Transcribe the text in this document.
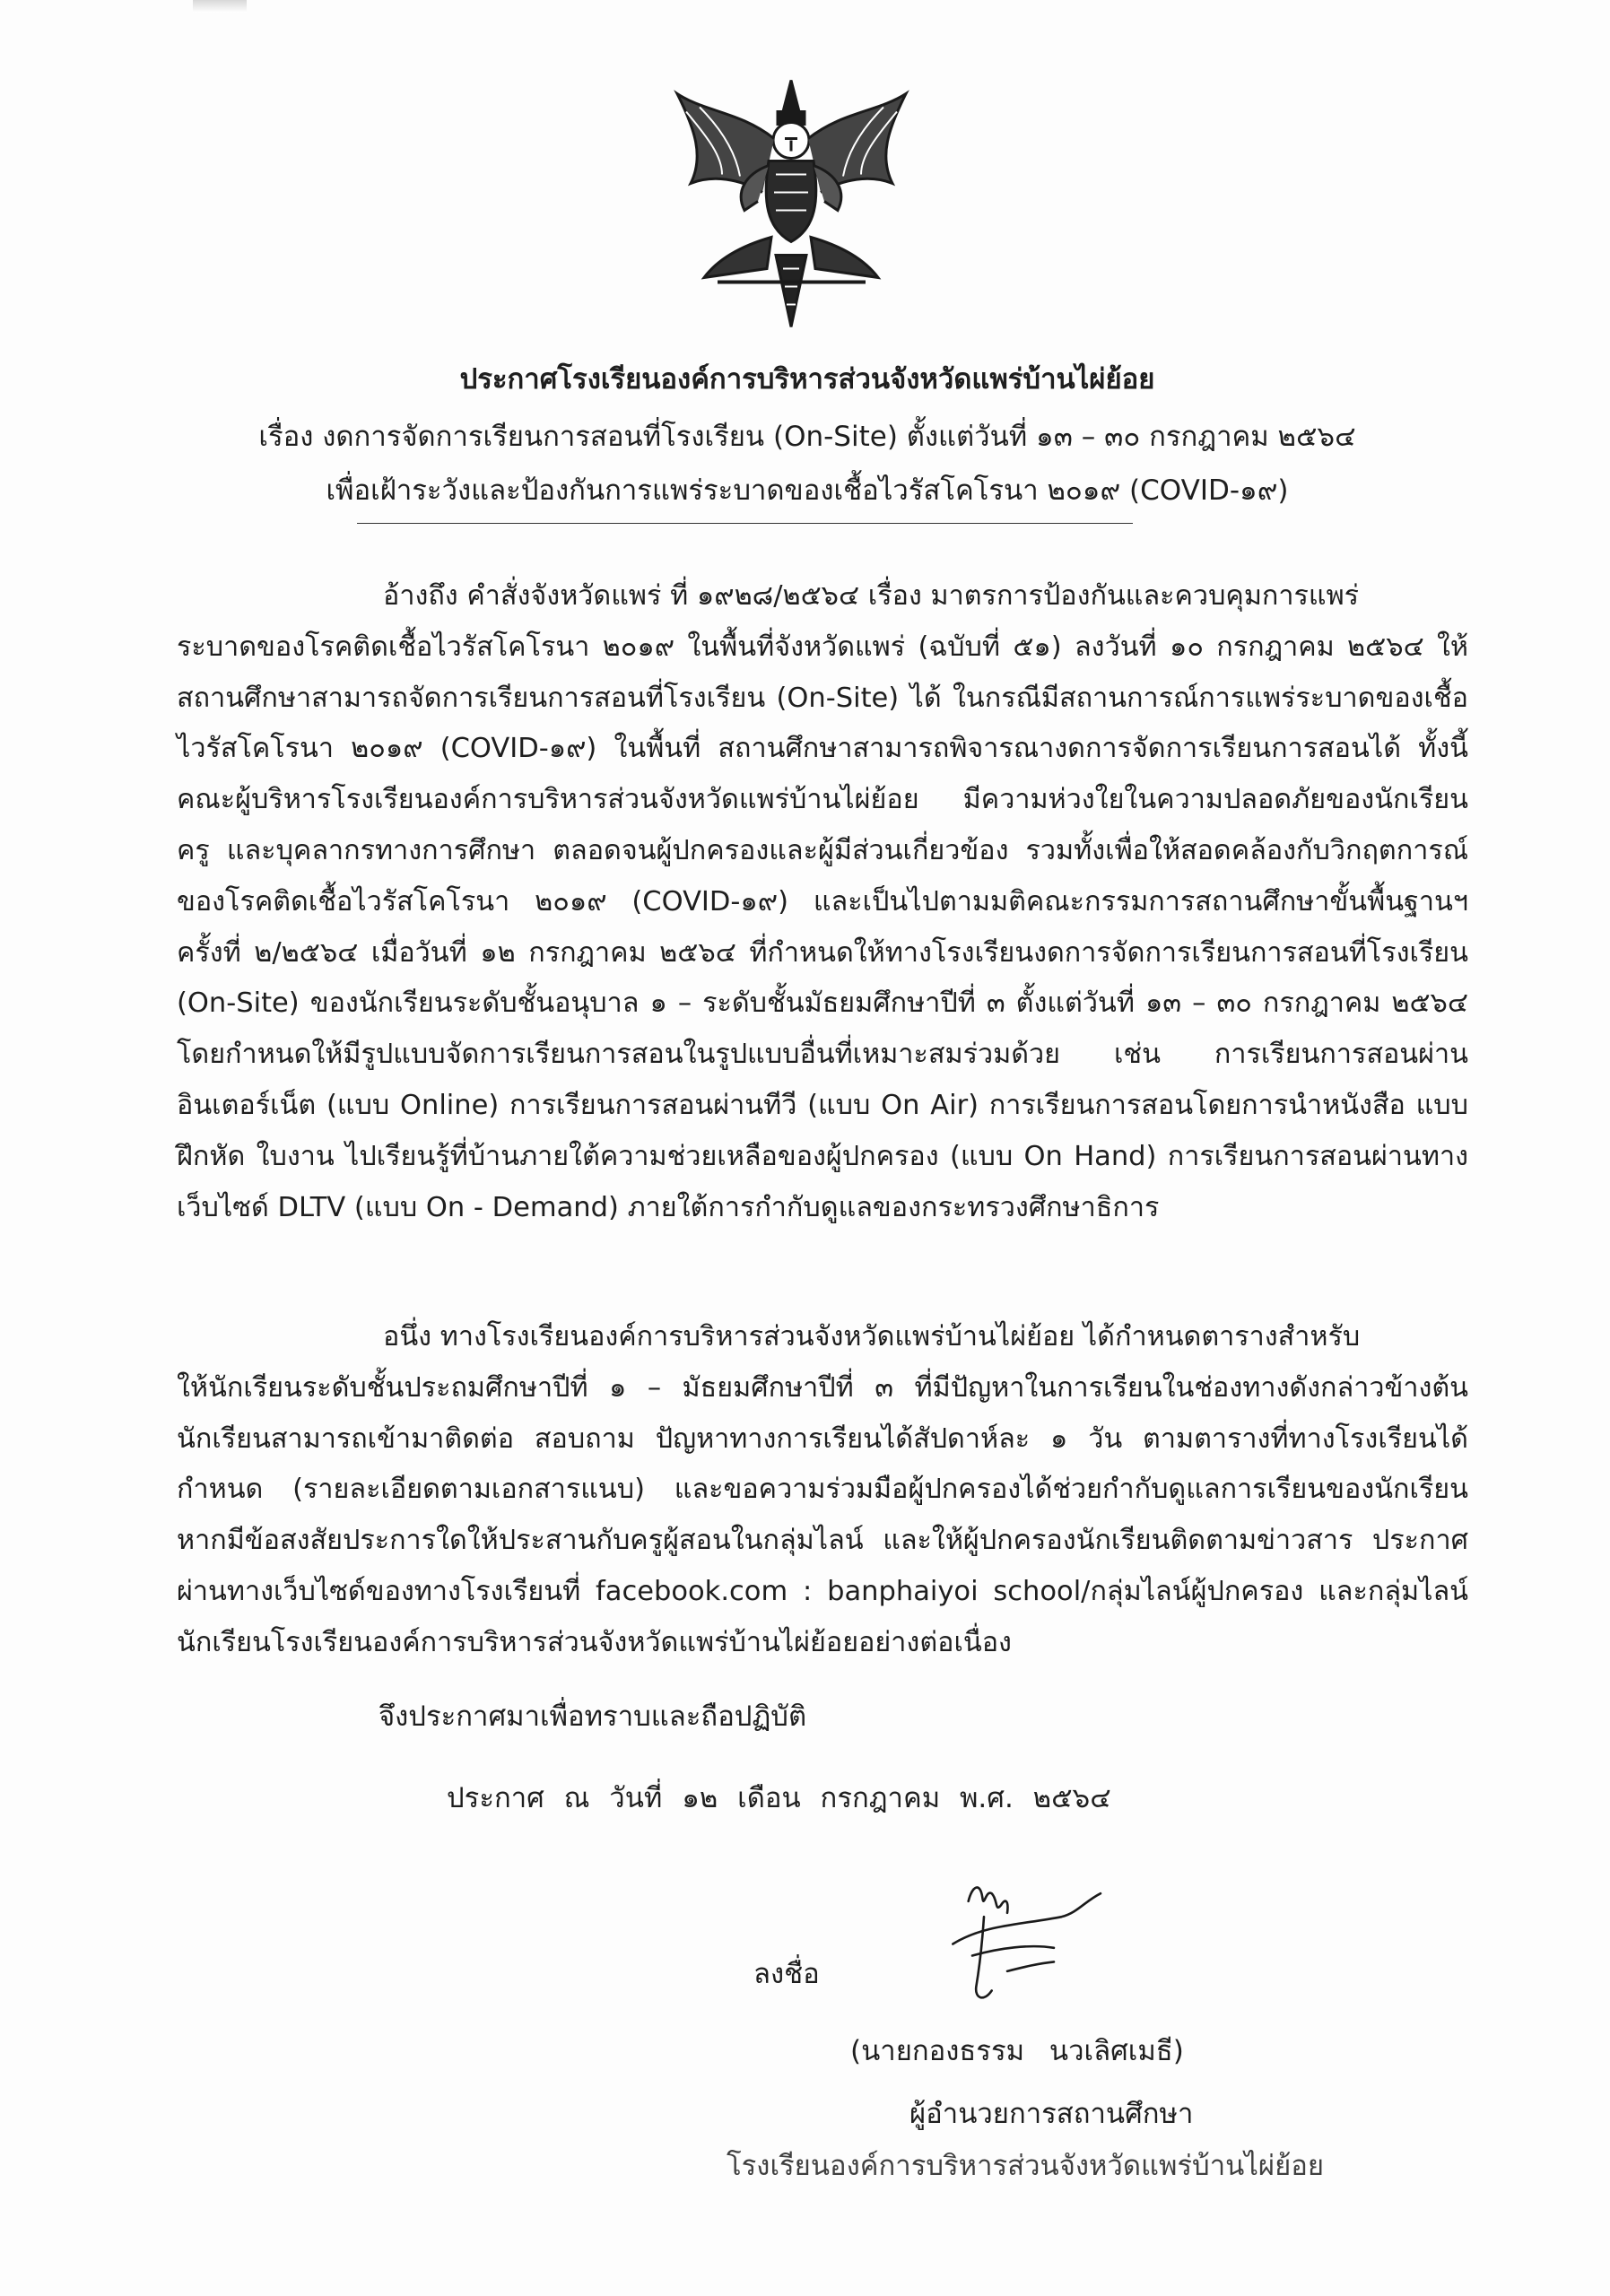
ประกาศโรงเรียนองค์การบริหารส่วนจังหวัดแพร่บ้านไผ่ย้อย
เรื่อง งดการจัดการเรียนการสอนที่โรงเรียน (On-Site) ตั้งแต่วันที่ ๑๓ – ๓๐ กรกฎาคม ๒๕๖๔
เพื่อเฝ้าระวังและป้องกันการแพร่ระบาดของเชื้อไวรัสโคโรนา ๒๐๑๙ (COVID-๑๙)
อ้างถึง คำสั่งจังหวัดแพร่ ที่ ๑๙๒๘/๒๕๖๔ เรื่อง มาตรการป้องกันและควบคุมการแพร่
ระบาดของโรคติดเชื้อไวรัสโคโรนา ๒๐๑๙ ในพื้นที่จังหวัดแพร่ (ฉบับที่ ๕๑) ลงวันที่ ๑๐ กรกฎาคม ๒๕๖๔ ให้สถานศึกษาสามารถจัดการเรียนการสอนที่โรงเรียน (On-Site) ได้ ในกรณีมีสถานการณ์การแพร่ระบาดของเชื้อไวรัสโคโรนา ๒๐๑๙ (COVID-๑๙) ในพื้นที่ สถานศึกษาสามารถพิจารณางดการจัดการเรียนการสอนได้ ทั้งนี้ คณะผู้บริหารโรงเรียนองค์การบริหารส่วนจังหวัดแพร่บ้านไผ่ย้อย มีความห่วงใยในความปลอดภัยของนักเรียน ครู และบุคลากรทางการศึกษา ตลอดจนผู้ปกครองและผู้มีส่วนเกี่ยวข้อง รวมทั้งเพื่อให้สอดคล้องกับวิกฤตการณ์ของโรคติดเชื้อไวรัสโคโรนา ๒๐๑๙ (COVID-๑๙) และเป็นไปตามมติคณะกรรมการสถานศึกษาขั้นพื้นฐานฯ ครั้งที่ ๒/๒๕๖๔ เมื่อวันที่ ๑๒ กรกฎาคม ๒๕๖๔ ที่กำหนดให้ทางโรงเรียนงดการจัดการเรียนการสอนที่โรงเรียน (On-Site) ของนักเรียนระดับชั้นอนุบาล ๑ – ระดับชั้นมัธยมศึกษาปีที่ ๓ ตั้งแต่วันที่ ๑๓ – ๓๐ กรกฎาคม ๒๕๖๔ โดยกำหนดให้มีรูปแบบจัดการเรียนการสอนในรูปแบบอื่นที่เหมาะสมร่วมด้วย เช่น การเรียนการสอนผ่านอินเตอร์เน็ต (แบบ Online) การเรียนการสอนผ่านทีวี (แบบ On Air) การเรียนการสอนโดยการนำหนังสือ แบบฝึกหัด ใบงาน ไปเรียนรู้ที่บ้านภายใต้ความช่วยเหลือของผู้ปกครอง (แบบ On Hand) การเรียนการสอนผ่านทางเว็บไซด์ DLTV (แบบ On - Demand) ภายใต้การกำกับดูแลของกระทรวงศึกษาธิการ
อนึ่ง ทางโรงเรียนองค์การบริหารส่วนจังหวัดแพร่บ้านไผ่ย้อย ได้กำหนดตารางสำหรับ
ให้นักเรียนระดับชั้นประถมศึกษาปีที่ ๑ – มัธยมศึกษาปีที่ ๓ ที่มีปัญหาในการเรียนในช่องทางดังกล่าวข้างต้น นักเรียนสามารถเข้ามาติดต่อ สอบถาม ปัญหาทางการเรียนได้สัปดาห์ละ ๑ วัน ตามตารางที่ทางโรงเรียนได้กำหนด (รายละเอียดตามเอกสารแนบ) และขอความร่วมมือผู้ปกครองได้ช่วยกำกับดูแลการเรียนของนักเรียน หากมีข้อสงสัยประการใดให้ประสานกับครูผู้สอนในกลุ่มไลน์ และให้ผู้ปกครองนักเรียนติดตามข่าวสาร ประกาศผ่านทางเว็บไซด์ของทางโรงเรียนที่ facebook.com : banphaiyoi school/กลุ่มไลน์ผู้ปกครอง และกลุ่มไลน์นักเรียนโรงเรียนองค์การบริหารส่วนจังหวัดแพร่บ้านไผ่ย้อยอย่างต่อเนื่อง
จึงประกาศมาเพื่อทราบและถือปฏิบัติ
ประกาศ ณ วันที่ ๑๒ เดือน กรกฎาคม พ.ศ. ๒๕๖๔
ลงชื่อ
(นายกองธรรม นวเลิศเมธี)
ผู้อำนวยการสถานศึกษา
โรงเรียนองค์การบริหารส่วนจังหวัดแพร่บ้านไผ่ย้อย
